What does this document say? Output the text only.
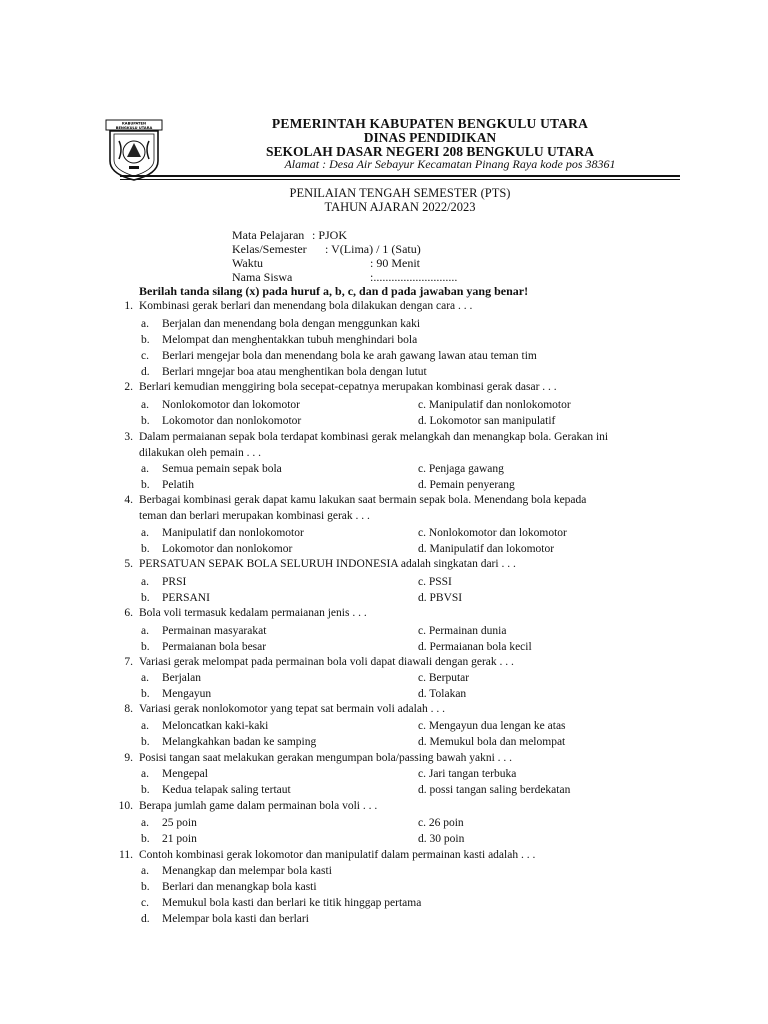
KABUPATEN
BENGKULU UTARA	PEMERINTAH KABUPATEN BENGKULU UTARA
DINAS PENDIDIKAN
SEKOLAH DASAR NEGERI 208 BENGKULU UTARA
Alamat : Desa Air Sebayur Kecamatan Pinang Raya kode pos 38361
PENILAIAN TENGAH SEMESTER (PTS)
TAHUN AJARAN 2022/2023
Mata Pelajaran : PJOK
Kelas/Semester : V(Lima) / 1 (Satu)
Waktu	: 90 Menit
Nama Siswa	:............................
Berilah tanda silang (x) pada huruf a, b, c, dan d pada jawaban yang benar!
1. Kombinasi gerak berlari dan menendang bola dilakukan dengan cara . . .
a. Berjalan dan menendang bola dengan menggunkan kaki
b. Melompat dan menghentakkan tubuh menghindari bola
c. Berlari mengejar bola dan menendang bola ke arah gawang lawan atau teman tim
d. Berlari mngejar boa atau menghentikan bola dengan lutut
2. Berlari kemudian menggiring bola secepat-cepatnya merupakan kombinasi gerak dasar . . .
a. Nonlokomotor dan lokomotor	c. Manipulatif dan nonlokomotor
b. Lokomotor dan nonlokomotor	d. Lokomotor san manipulatif
3. Dalam permaianan sepak bola terdapat kombinasi gerak melangkah dan menangkap bola. Gerakan ini
dilakukan oleh pemain . . .
a. Semua pemain sepak bola	c. Penjaga gawang
b. Pelatih	d. Pemain penyerang
4. Berbagai kombinasi gerak dapat kamu lakukan saat bermain sepak bola. Menendang bola kepada
teman dan berlari merupakan kombinasi gerak . . .
a. Manipulatif dan nonlokomotor	c. Nonlokomotor dan lokomotor
b. Lokomotor dan nonlokomor	d. Manipulatif dan lokomotor
5. PERSATUAN SEPAK BOLA SELURUH INDONESIA adalah singkatan dari . . .
a. PRSI	c. PSSI
b. PERSANI	d. PBVSI
6. Bola voli termasuk kedalam permaianan jenis . . .
a. Permainan masyarakat	c. Permainan dunia
b. Permaianan bola besar	d. Permaianan bola kecil
7. Variasi gerak melompat pada permainan bola voli dapat diawali dengan gerak . . .
a. Berjalan	c. Berputar
b. Mengayun	d. Tolakan
8. Variasi gerak nonlokomotor yang tepat sat bermain voli adalah . . .
a. Meloncatkan kaki-kaki	c. Mengayun dua lengan ke atas
b. Melangkahkan badan ke samping	d. Memukul bola dan melompat
9. Posisi tangan saat melakukan gerakan mengumpan bola/passing bawah yakni . . .
a. Mengepal	c. Jari tangan terbuka
b. Kedua telapak saling tertaut	d. possi tangan saling berdekatan
10. Berapa jumlah game dalam permainan bola voli . . .
a. 25 poin	c. 26 poin
b. 21 poin	d. 30 poin
11. Contoh kombinasi gerak lokomotor dan manipulatif dalam permainan kasti adalah . . .
a. Menangkap dan melempar bola kasti
b. Berlari dan menangkap bola kasti
c. Memukul bola kasti dan berlari ke titik hinggap pertama
d. Melempar bola kasti dan berlari
